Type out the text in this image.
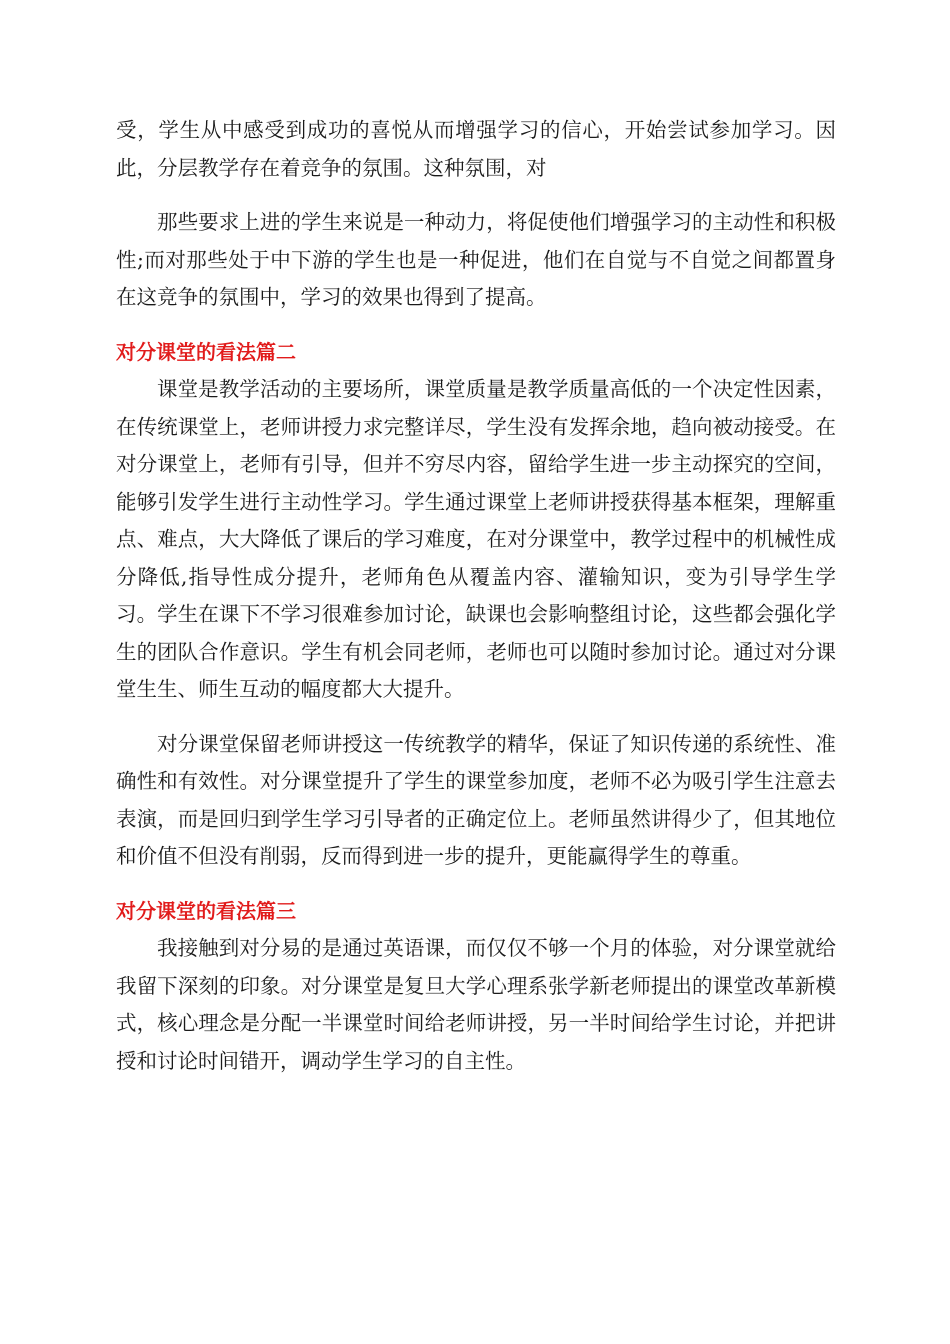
受，学生从中感受到成功的喜悦从而增强学习的信心，开始尝试参加学习。因此，分层教学存在着竞争的氛围。这种氛围，对

那些要求上进的学生来说是一种动力，将促使他们增强学习的主动性和积极性;而对那些处于中下游的学生也是一种促进，他们在自觉与不自觉之间都置身在这竞争的氛围中，学习的效果也得到了提高。

对分课堂的看法篇二

课堂是教学活动的主要场所，课堂质量是教学质量高低的一个决定性因素，在传统课堂上，老师讲授力求完整详尽，学生没有发挥余地，趋向被动接受。在对分课堂上，老师有引导，但并不穷尽内容，留给学生进一步主动探究的空间，能够引发学生进行主动性学习。学生通过课堂上老师讲授获得基本框架，理解重点、难点，大大降低了课后的学习难度，在对分课堂中，教学过程中的机械性成分降低,指导性成分提升，老师角色从覆盖内容、灌输知识，变为引导学生学习。学生在课下不学习很难参加讨论，缺课也会影响整组讨论，这些都会强化学生的团队合作意识。学生有机会同老师，老师也可以随时参加讨论。通过对分课堂生生、师生互动的幅度都大大提升。

对分课堂保留老师讲授这一传统教学的精华，保证了知识传递的系统性、准确性和有效性。对分课堂提升了学生的课堂参加度，老师不必为吸引学生注意去表演，而是回归到学生学习引导者的正确定位上。老师虽然讲得少了，但其地位和价值不但没有削弱，反而得到进一步的提升，更能赢得学生的尊重。

对分课堂的看法篇三

我接触到对分易的是通过英语课，而仅仅不够一个月的体验，对分课堂就给我留下深刻的印象。对分课堂是复旦大学心理系张学新老师提出的课堂改革新模式，核心理念是分配一半课堂时间给老师讲授，另一半时间给学生讨论，并把讲授和讨论时间错开，调动学生学习的自主性。
